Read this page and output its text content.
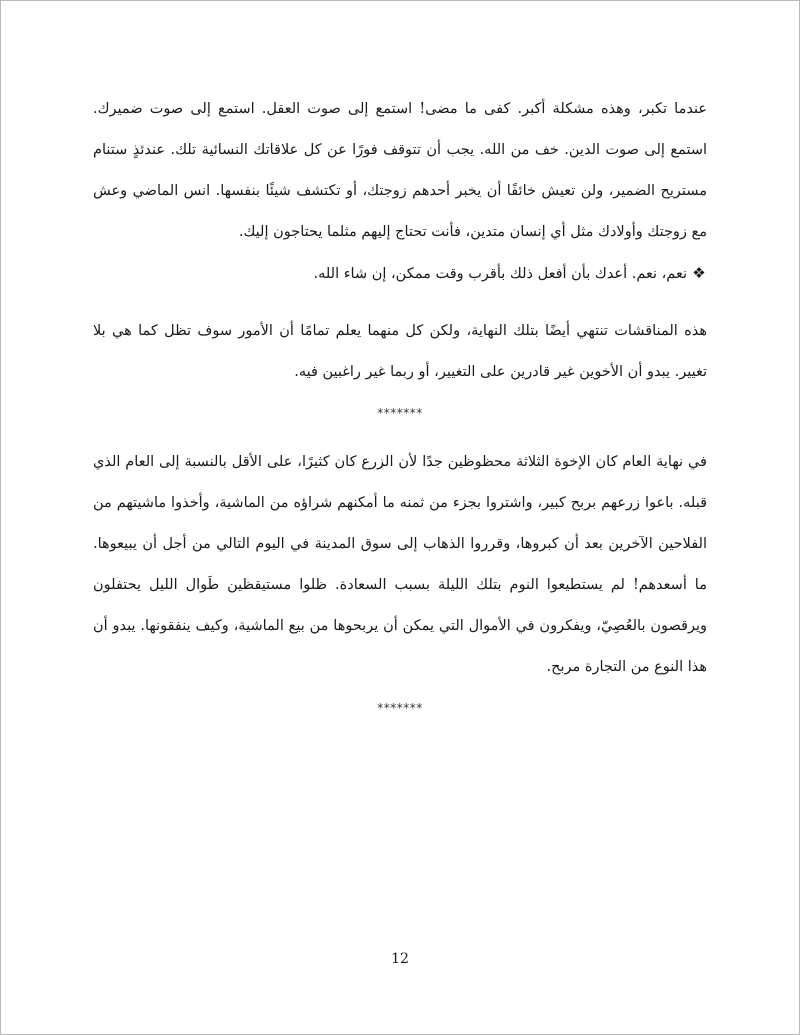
عندما تكبر، وهذه مشكلة أكبر. كفى ما مضى! استمع إلى صوت العقل. استمع إلى صوت ضميرك. استمع إلى صوت الدين. خف من الله. يجب أن تتوقف فورًا عن كل علاقاتك النسائية تلك. عندئذٍ ستنام مستريح الضمير، ولن تعيش خائفًا أن يخبر أحدهم زوجتك، أو تكتشف شيئًا بنفسها. انس الماضي وعش مع زوجتك وأولادك مثل أي إنسان متدين، فأنت تحتاج إليهم مثلما يحتاجون إليك.

❖نعم، نعم. أعدك بأن أفعل ذلك بأقرب وقت ممكن، إن شاء الله.

هذه المناقشات تنتهي أيضًا بتلك النهاية، ولكن كل منهما يعلم تمامًا أن الأمور سوف تظل كما هي بلا تغيير. يبدو أن الأخوين غير قادرين على التغيير، أو ربما غير راغبين فيه.

*******

في نهاية العام كان الإخوة الثلاثة محظوظين جدًا لأن الزرع كان كثيرًا، على الأقل بالنسبة إلى العام الذي قبله. باعوا زرعهم بربح كبير، واشتروا بجزء من ثمنه ما أمكنهم شراؤه من الماشية، وأخذوا ماشيتهم من الفلاحين الآخرين بعد أن كبروها، وقرروا الذهاب إلى سوق المدينة في اليوم التالي من أجل أن يبيعوها. ما أسعدهم! لم يستطيعوا النوم بتلك الليلة بسبب السعادة. ظلوا مستيقظين طَوال الليل يحتفلون ويرقصون بالعُصِيّ، ويفكرون في الأموال التي يمكن أن يربحوها من بيع الماشية، وكيف ينفقونها. يبدو أن هذا النوع من التجارة مربح.

*******

12
